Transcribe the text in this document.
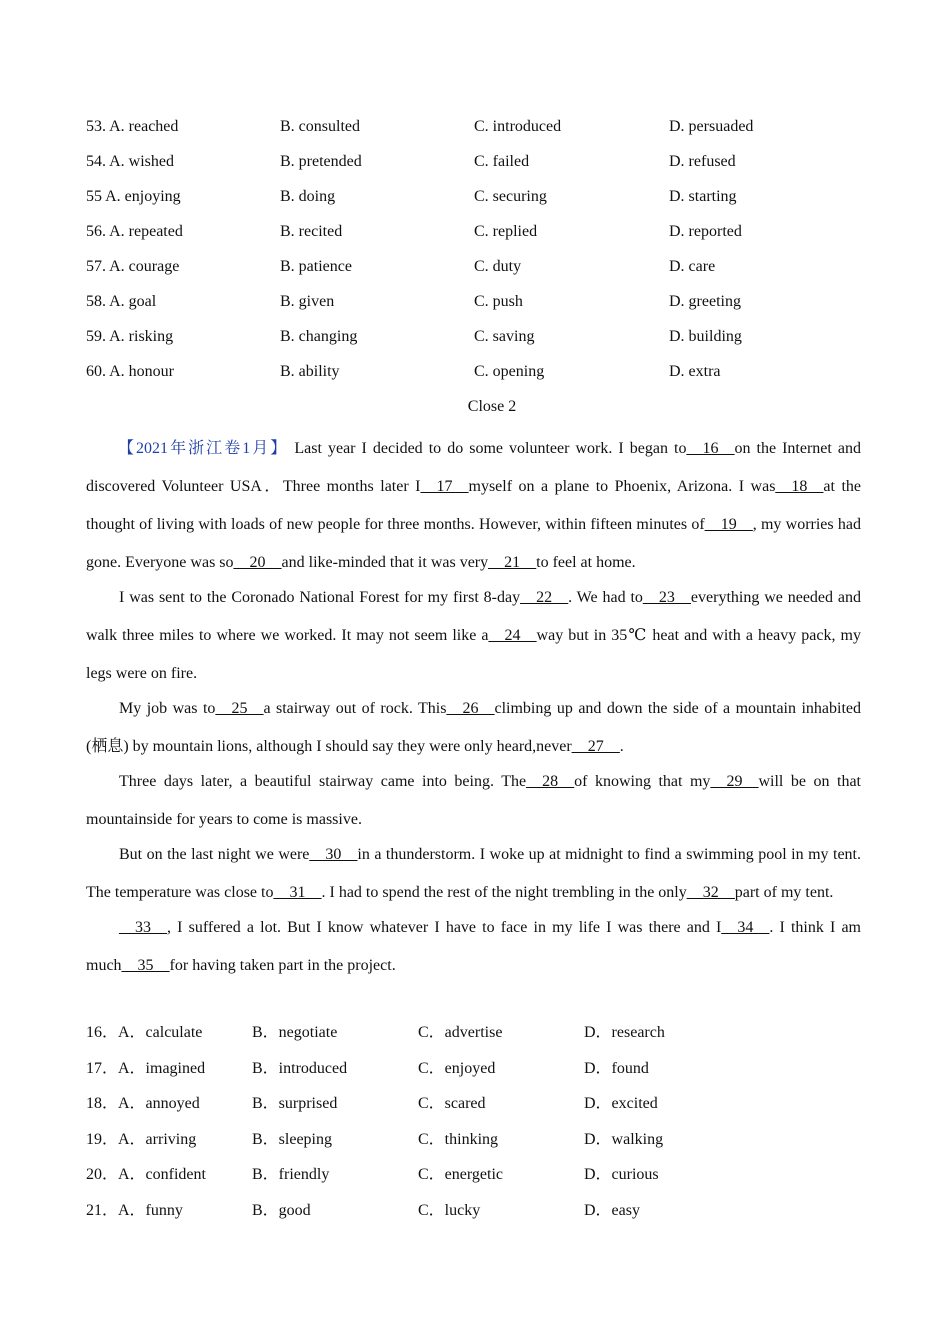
53. A. reached	B. consulted	C. introduced	D. persuaded
54. A. wished	B. pretended	C. failed	D. refused
55 A. enjoying	B. doing	C. securing	D. starting
56. A. repeated	B. recited	C. replied	D. reported
57. A. courage	B. patience	C. duty	D. care
58. A. goal	B. given	C. push	D. greeting
59. A. risking	B. changing	C. saving	D. building
60. A. honour	B. ability	C. opening	D. extra
Close 2

【2021年浙江卷1月】 Last year I decided to do some volunteer work. I began to__16__on the Internet and discovered Volunteer USA．Three months later I__17__myself on a plane to Phoenix, Arizona. I was__18__at the thought of living with loads of new people for three months. However, within fifteen minutes of__19__, my worries had gone. Everyone was so__20__and like-minded that it was very__21__to feel at home.

I was sent to the Coronado National Forest for my first 8-day__22__. We had to__23__everything we needed and walk three miles to where we worked. It may not seem like a__24__way but in 35℃ heat and with a heavy pack, my legs were on fire.

My job was to__25__a stairway out of rock. This__26__climbing up and down the side of a mountain inhabited (栖息) by mountain lions, although I should say they were only heard,never__27__.

Three days later, a beautiful stairway came into being. The__28__of knowing that my__29__will be on that mountainside for years to come is massive.

But on the last night we were__30__in a thunderstorm. I woke up at midnight to find a swimming pool in my tent. The temperature was close to__31__. I had to spend the rest of the night trembling in the only__32__part of my tent.

__33__, I suffered a lot. But I know whatever I have to face in my life I was there and I__34__. I think I am much__35__for having taken part in the project.

16．A．calculate	B．negotiate	C．advertise	D．research
17．A．imagined	B．introduced	C．enjoyed	D．found
18．A．annoyed	B．surprised	C．scared	D．excited
19．A．arriving	B．sleeping	C．thinking	D．walking
20．A．confident	B．friendly	C．energetic	D．curious
21．A．funny	B．good	C．lucky	D．easy
